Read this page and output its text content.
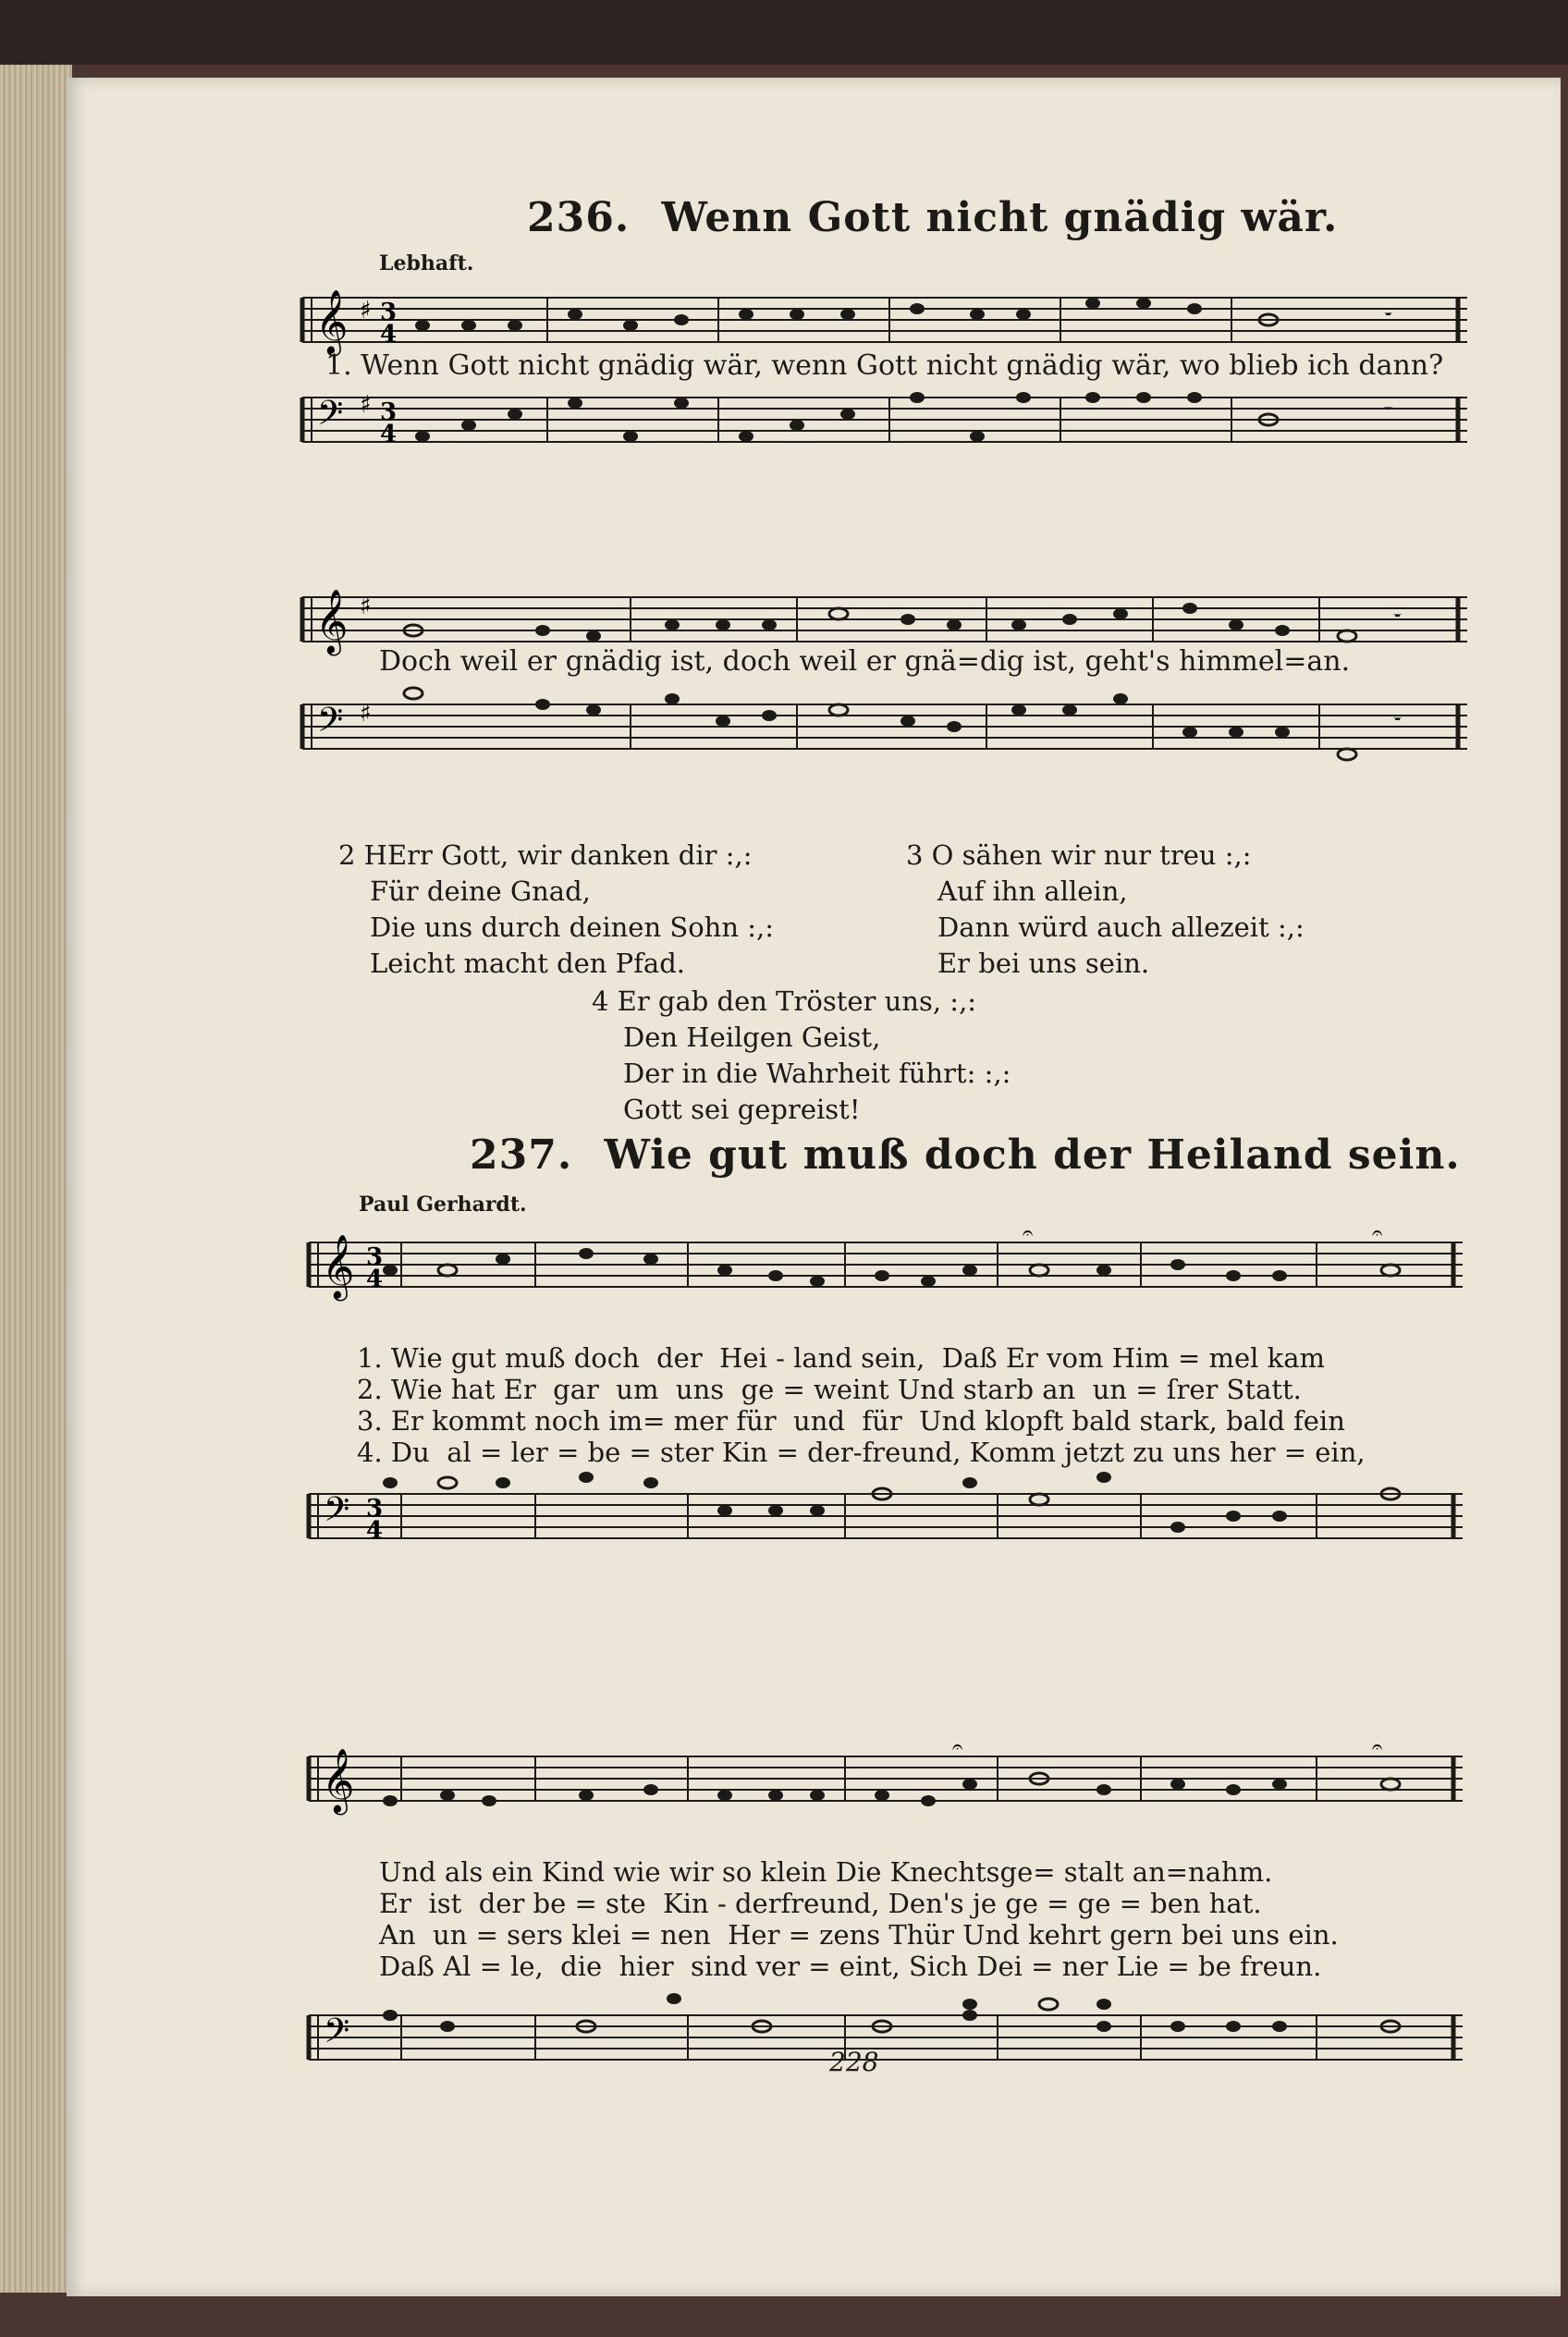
236. Wenn Gott nicht gnädig wär.
Lebhaft.
𝄞 ♯ 3
4
𝄻
1. Wenn Gott nicht gnädig wär, wenn Gott nicht gnädig wär, wo blieb ich dann?
𝄢 ♯ 3
4
𝄻
𝄞 ♯	𝄻
Doch weil er gnädig ist, doch weil er gnä=dig ist, geht's himmel=an.
𝄢 ♯	𝄻
2 HErr Gott, wir danken dir :,:
Für deine Gnad,
Die uns durch deinen Sohn :,:
Leicht macht den Pfad.
3 O sähen wir nur treu :,:
Auf ihn allein,
Dann würd auch allezeit :,:
Er bei uns sein.
4 Er gab den Tröster uns, :,:
Den Heilgen Geist,
Der in die Wahrheit führt: :,:
Gott sei gepreist!
237. Wie gut muß doch der Heiland sein.
Paul Gerhardt.
𝄞 3
4
𝄐	𝄐
1. Wie gut muß doch  der  Hei - land sein,  Daß Er vom Him = mel kam
2. Wie hat Er  gar  um  uns  ge = weint Und starb an  un = ſrer Statt.
3. Er kommt noch im= mer für  und  für  Und klopft bald stark, bald fein
4. Du  al = ler = be = ster Kin = der-freund, Komm jetzt zu uns her = ein,
𝄢 3
4
𝄞
𝄐	𝄐
Und als ein Kind wie wir so klein Die Knechtsge= stalt an=nahm.
Er  ist  der be = ste  Kin - derfreund, Den's je ge = ge = ben hat.
An  un = sers klei = nen  Her = zens Thür Und kehrt gern bei uns ein.
Daß Al = le,  die  hier  sind ver = eint, Sich Dei = ner Lie = be freun.
𝄢
228
